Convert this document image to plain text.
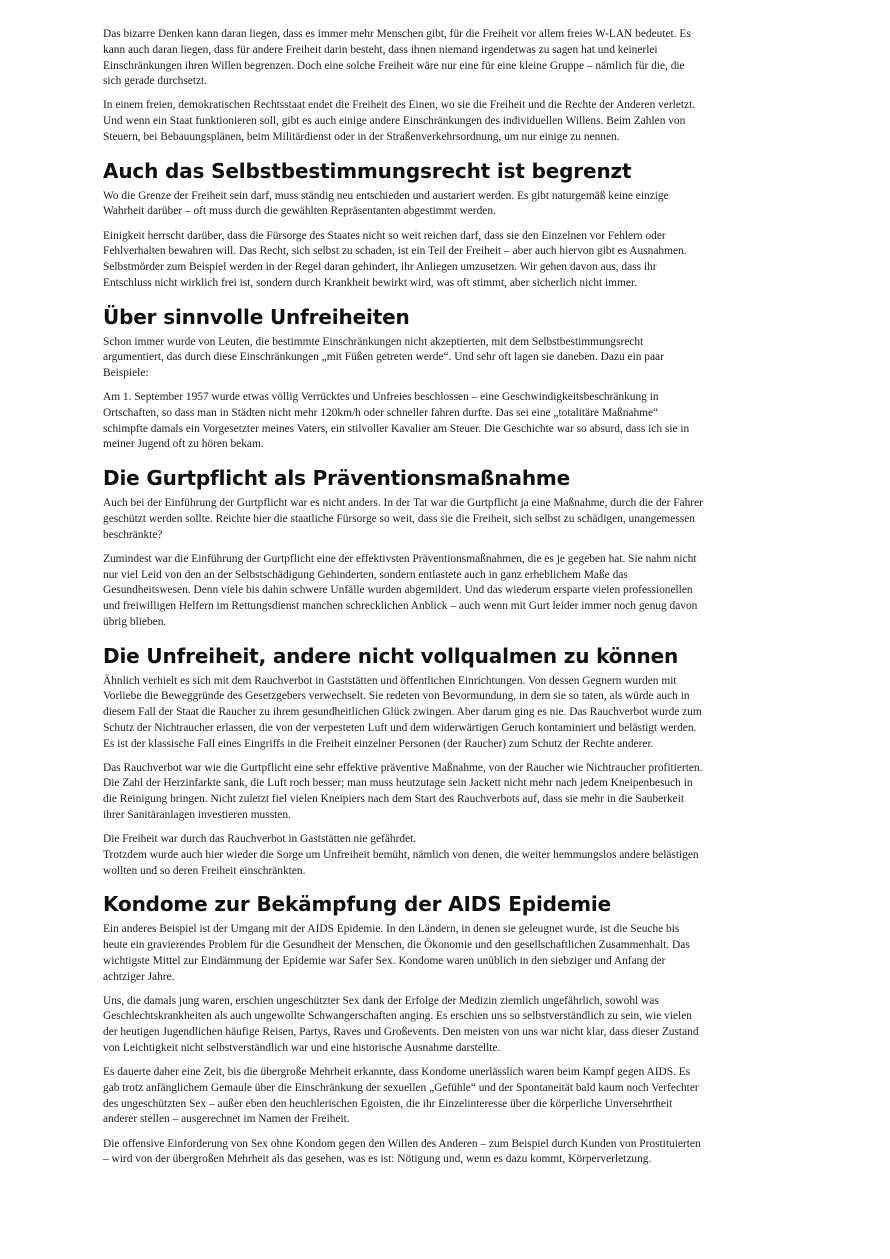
Das bizarre Denken kann daran liegen, dass es immer mehr Menschen gibt, für die Freiheit vor allem freies W-LAN bedeutet. Es kann auch daran liegen, dass für andere Freiheit darin besteht, dass ihnen niemand irgendetwas zu sagen hat und keinerlei Einschränkungen ihren Willen begrenzen. Doch eine solche Freiheit wäre nur eine für eine kleine Gruppe – nämlich für die, die sich gerade durchsetzt.

In einem freien, demokratischen Rechtsstaat endet die Freiheit des Einen, wo sie die Freiheit und die Rechte der Anderen verletzt. Und wenn ein Staat funktionieren soll, gibt es auch einige andere Einschränkungen des individuellen Willens. Beim Zahlen von Steuern, bei Bebauungsplänen, beim Militärdienst oder in der Straßenverkehrsordnung, um nur einige zu nennen.

Auch das Selbstbestimmungsrecht ist begrenzt

Wo die Grenze der Freiheit sein darf, muss ständig neu entschieden und austariert werden. Es gibt naturgemäß keine einzige Wahrheit darüber – oft muss durch die gewählten Repräsentanten abgestimmt werden.

Einigkeit herrscht darüber, dass die Fürsorge des Staates nicht so weit reichen darf, dass sie den Einzelnen vor Fehlern oder Fehlverhalten bewahren will. Das Recht, sich selbst zu schaden, ist ein Teil der Freiheit – aber auch hiervon gibt es Ausnahmen. Selbstmörder zum Beispiel werden in der Regel daran gehindert, ihr Anliegen umzusetzen. Wir gehen davon aus, dass ihr Entschluss nicht wirklich frei ist, sondern durch Krankheit bewirkt wird, was oft stimmt, aber sicherlich nicht immer.

Über sinnvolle Unfreiheiten

Schon immer wurde von Leuten, die bestimmte Einschränkungen nicht akzeptierten, mit dem Selbstbestimmungsrecht argumentiert, das durch diese Einschränkungen „mit Füßen getreten werde“. Und sehr oft lagen sie daneben. Dazu ein paar Beispiele:

Am 1. September 1957 wurde etwas völlig Verrücktes und Unfreies beschlossen – eine Geschwindigkeitsbeschränkung in Ortschaften, so dass man in Städten nicht mehr 120km/h oder schneller fahren durfte. Das sei eine „totalitäre Maßnahme“ schimpfte damals ein Vorgesetzter meines Vaters, ein stilvoller Kavalier am Steuer. Die Geschichte war so absurd, dass ich sie in meiner Jugend oft zu hören bekam.

Die Gurtpflicht als Präventionsmaßnahme

Auch bei der Einführung der Gurtpflicht war es nicht anders. In der Tat war die Gurtpflicht ja eine Maßnahme, durch die der Fahrer geschützt werden sollte. Reichte hier die staatliche Fürsorge so weit, dass sie die Freiheit, sich selbst zu schädigen, unangemessen beschränkte?

Zumindest war die Einführung der Gurtpflicht eine der effektivsten Präventionsmaßnahmen, die es je gegeben hat. Sie nahm nicht nur viel Leid von den an der Selbstschädigung Gehinderten, sondern entlastete auch in ganz erheblichem Maße das Gesundheitswesen. Denn viele bis dahin schwere Unfälle wurden abgemildert. Und das wiederum ersparte vielen professionellen und freiwilligen Helfern im Rettungsdienst manchen schrecklichen Anblick – auch wenn mit Gurt leider immer noch genug davon übrig blieben.

Die Unfreiheit, andere nicht vollqualmen zu können

Ähnlich verhielt es sich mit dem Rauchverbot in Gaststätten und öffentlichen Einrichtungen. Von dessen Gegnern wurden mit Vorliebe die Beweggründe des Gesetzgebers verwechselt. Sie redeten von Bevormundung, in dem sie so taten, als würde auch in diesem Fall der Staat die Raucher zu ihrem gesundheitlichen Glück zwingen. Aber darum ging es nie. Das Rauchverbot wurde zum Schutz der Nichtraucher erlassen, die von der verpesteten Luft und dem widerwärtigen Geruch kontaminiert und belästigt werden. Es ist der klassische Fall eines Eingriffs in die Freiheit einzelner Personen (der Raucher) zum Schutz der Rechte anderer.

Das Rauchverbot war wie die Gurtpflicht eine sehr effektive präventive Maßnahme, von der Raucher wie Nichtraucher profitierten. Die Zahl der Herzinfarkte sank, die Luft roch besser; man muss heutzutage sein Jackett nicht mehr nach jedem Kneipenbesuch in die Reinigung bringen. Nicht zuletzt fiel vielen Kneipiers nach dem Start des Rauchverbots auf, dass sie mehr in die Sauberkeit ihrer Sanitäranlagen investieren mussten.

Die Freiheit war durch das Rauchverbot in Gaststätten nie gefährdet.

Trotzdem wurde auch hier wieder die Sorge um Unfreiheit bemüht, nämlich von denen, die weiter hemmungslos andere belästigen wollten und so deren Freiheit einschränkten.

Kondome zur Bekämpfung der AIDS Epidemie

Ein anderes Beispiel ist der Umgang mit der AIDS Epidemie. In den Ländern, in denen sie geleugnet wurde, ist die Seuche bis heute ein gravierendes Problem für die Gesundheit der Menschen, die Ökonomie und den gesellschaftlichen Zusammenhalt. Das wichtigste Mittel zur Eindämmung der Epidemie war Safer Sex. Kondome waren unüblich in den siebziger und Anfang der achtziger Jahre.

Uns, die damals jung waren, erschien ungeschützter Sex dank der Erfolge der Medizin ziemlich ungefährlich, sowohl was Geschlechtskrankheiten als auch ungewollte Schwangerschaften anging. Es erschien uns so selbstverständlich zu sein, wie vielen der heutigen Jugendlichen häufige Reisen, Partys, Raves und Großevents. Den meisten von uns war nicht klar, dass dieser Zustand von Leichtigkeit nicht selbstverständlich war und eine historische Ausnahme darstellte.

Es dauerte daher eine Zeit, bis die übergroße Mehrheit erkannte, dass Kondome unerlässlich waren beim Kampf gegen AIDS. Es gab trotz anfänglichem Gemaule über die Einschränkung der sexuellen „Gefühle“ und der Spontaneität bald kaum noch Verfechter des ungeschützten Sex – außer eben den heuchlerischen Egoisten, die ihr Einzelinteresse über die körperliche Unversehrtheit anderer stellen – ausgerechnet im Namen der Freiheit.

Die offensive Einforderung von Sex ohne Kondom gegen den Willen des Anderen – zum Beispiel durch Kunden von Prostituierten – wird von der übergroßen Mehrheit als das gesehen, was es ist: Nötigung und, wenn es dazu kommt, Körperverletzung.
